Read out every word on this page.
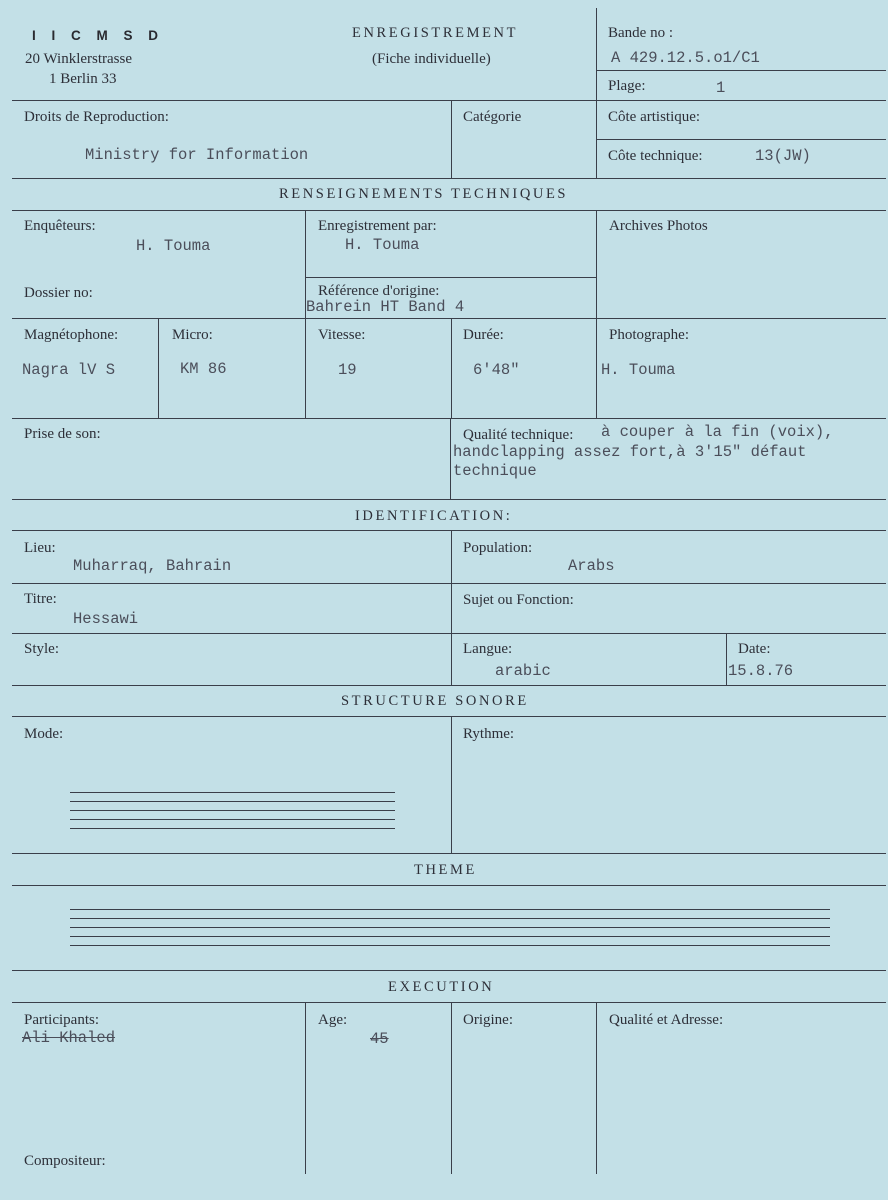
I I C M S D
20 Winklerstrasse
1 Berlin 33
ENREGISTREMENT
(Fiche individuelle)
Bande no :
A 429.12.5.o1/C1
Plage:	1
Droits de Reproduction:
Ministry for Information
Catégorie	Côte artistique:
Côte technique:	13(JW)
RENSEIGNEMENTS TECHNIQUES
Enquêteurs:
H. Touma
Enregistrement par:
H. Touma
Archives Photos
Dossier no:	Référence d'origine:
Bahrein HT Band 4
Magnétophone:
Nagra lV S
Micro:
KM 86
Vitesse:
19
Durée:
6'48"
Photographe:
H. Touma
Prise de son:	Qualité technique: à couper à la fin (voix),
handclapping assez fort,à 3'15" défaut
technique
IDENTIFICATION:
Lieu:
Muharraq, Bahrain
Population:
Arabs
Titre:
Hessawi
Sujet ou Fonction:
Style:	Langue:
arabic
Date:
15.8.76
STRUCTURE SONORE
Mode:	Rythme:
THEME
EXECUTION
Participants:
Ali Khaled
Age:
45
Origine:	Qualité et Adresse:
Compositeur:
